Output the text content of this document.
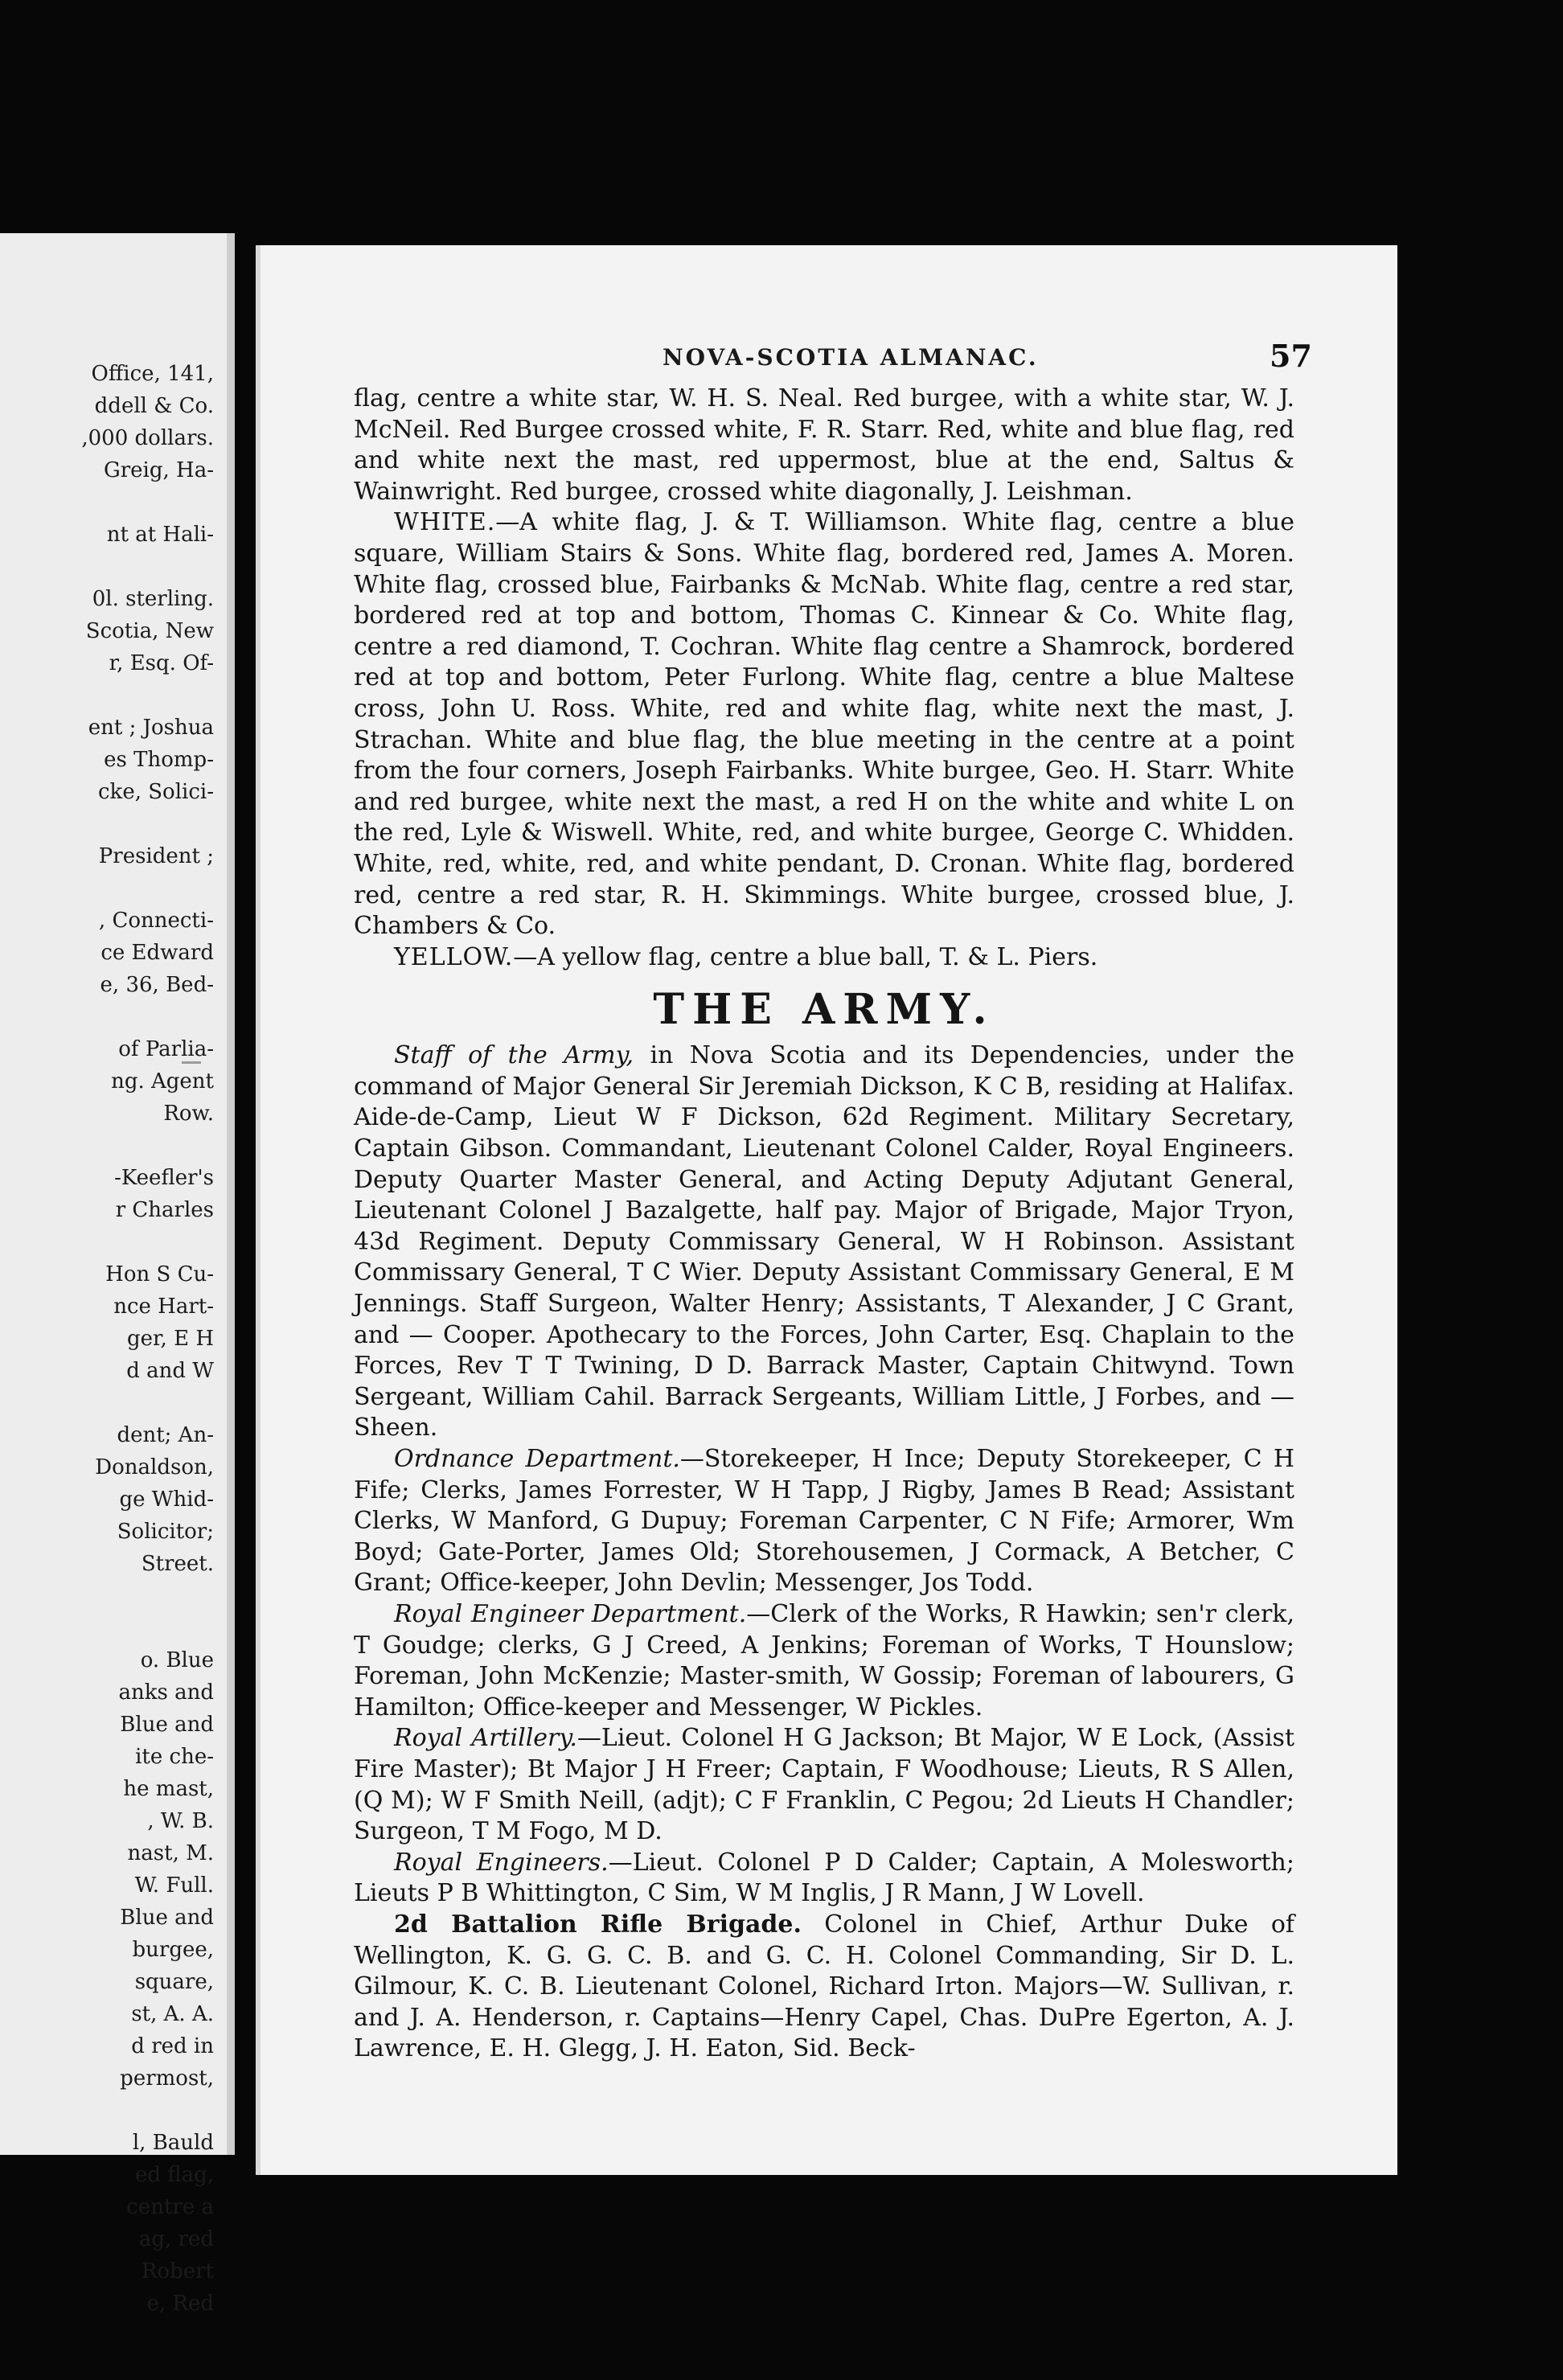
Office, 141,
ddell & Co.
,000 dollars.
Greig, Ha-
nt at Hali-
0l. sterling.
Scotia, New
r, Esq. Of-
ent ; Joshua
es Thomp-
cke, Solici-
President ;
, Connecti-
ce Edward
e, 36, Bed-
of Parlia-
ng. Agent
Row.
-Keefler's
r Charles
Hon S Cu-
nce Hart-
ger, E H
d and W
dent; An-
Donaldson,
ge Whid-
Solicitor;
Street.
o. Blue
anks and
Blue and
ite che-
he mast,
, W. B.
nast, M.
W. Full.
Blue and
burgee,
square,
st, A. A.
d red in
permost,
l, Bauld
ed flag,
centre a
ag, red
Robert
e, Red
NOVA-SCOTIA ALMANAC.	57

flag, centre a white star, W. H. S. Neal. Red burgee, with a white star, W. J. McNeil. Red Burgee crossed white, F. R. Starr. Red, white and blue flag, red and white next the mast, red uppermost, blue at the end, Saltus & Wainwright. Red burgee, crossed white diagonally, J. Leishman.

WHITE.—A white flag, J. & T. Williamson. White flag, centre a blue square, William Stairs & Sons. White flag, bordered red, James A. Moren. White flag, crossed blue, Fairbanks & McNab. White flag, centre a red star, bordered red at top and bottom, Thomas C. Kinnear & Co. White flag, centre a red diamond, T. Cochran. White flag centre a Shamrock, bordered red at top and bottom, Peter Furlong. White flag, centre a blue Maltese cross, John U. Ross. White, red and white flag, white next the mast, J. Strachan. White and blue flag, the blue meeting in the centre at a point from the four corners, Joseph Fairbanks. White burgee, Geo. H. Starr. White and red burgee, white next the mast, a red H on the white and white L on the red, Lyle & Wiswell. White, red, and white burgee, George C. Whidden. White, red, white, red, and white pendant, D. Cronan. White flag, bordered red, centre a red star, R. H. Skimmings. White burgee, crossed blue, J. Chambers & Co.

YELLOW.—A yellow flag, centre a blue ball, T. & L. Piers.

THE ARMY.

Staff of the Army, in Nova Scotia and its Dependencies, under the command of Major General Sir Jeremiah Dickson, K C B, residing at Halifax. Aide-de-Camp, Lieut W F Dickson, 62d Regiment. Military Secretary, Captain Gibson. Commandant, Lieutenant Colonel Calder, Royal Engineers. Deputy Quarter Master General, and Acting Deputy Adjutant General, Lieutenant Colonel J Bazalgette, half pay. Major of Brigade, Major Tryon, 43d Regiment. Deputy Commissary General, W H Robinson. Assistant Commissary General, T C Wier. Deputy Assistant Commissary General, E M Jennings. Staff Surgeon, Walter Henry; Assistants, T Alexander, J C Grant, and — Cooper. Apothecary to the Forces, John Carter, Esq. Chaplain to the Forces, Rev T T Twining, D D. Barrack Master, Captain Chitwynd. Town Sergeant, William Cahil. Barrack Sergeants, William Little, J Forbes, and — Sheen.

Ordnance Department.—Storekeeper, H Ince; Deputy Storekeeper, C H Fife; Clerks, James Forrester, W H Tapp, J Rigby, James B Read; Assistant Clerks, W Manford, G Dupuy; Foreman Carpenter, C N Fife; Armorer, Wm Boyd; Gate-Porter, James Old; Storehousemen, J Cormack, A Betcher, C Grant; Office-keeper, John Devlin; Messenger, Jos Todd.

Royal Engineer Department.—Clerk of the Works, R Hawkin; sen'r clerk, T Goudge; clerks, G J Creed, A Jenkins; Foreman of Works, T Hounslow; Foreman, John McKenzie; Master-smith, W Gossip; Foreman of labourers, G Hamilton; Office-keeper and Messenger, W Pickles.

Royal Artillery.—Lieut. Colonel H G Jackson; Bt Major, W E Lock, (Assist Fire Master); Bt Major J H Freer; Captain, F Woodhouse; Lieuts, R S Allen, (Q M); W F Smith Neill, (adjt); C F Franklin, C Pegou; 2d Lieuts H Chandler; Surgeon, T M Fogo, M D.

Royal Engineers.—Lieut. Colonel P D Calder; Captain, A Molesworth; Lieuts P B Whittington, C Sim, W M Inglis, J R Mann, J W Lovell.

2d Battalion Rifle Brigade. Colonel in Chief, Arthur Duke of Wellington, K. G. G. C. B. and G. C. H. Colonel Commanding, Sir D. L. Gilmour, K. C. B. Lieutenant Colonel, Richard Irton. Majors—W. Sullivan, r. and J. A. Henderson, r. Captains—Henry Capel, Chas. DuPre Egerton, A. J. Lawrence, E. H. Glegg, J. H. Eaton, Sid. Beck-
